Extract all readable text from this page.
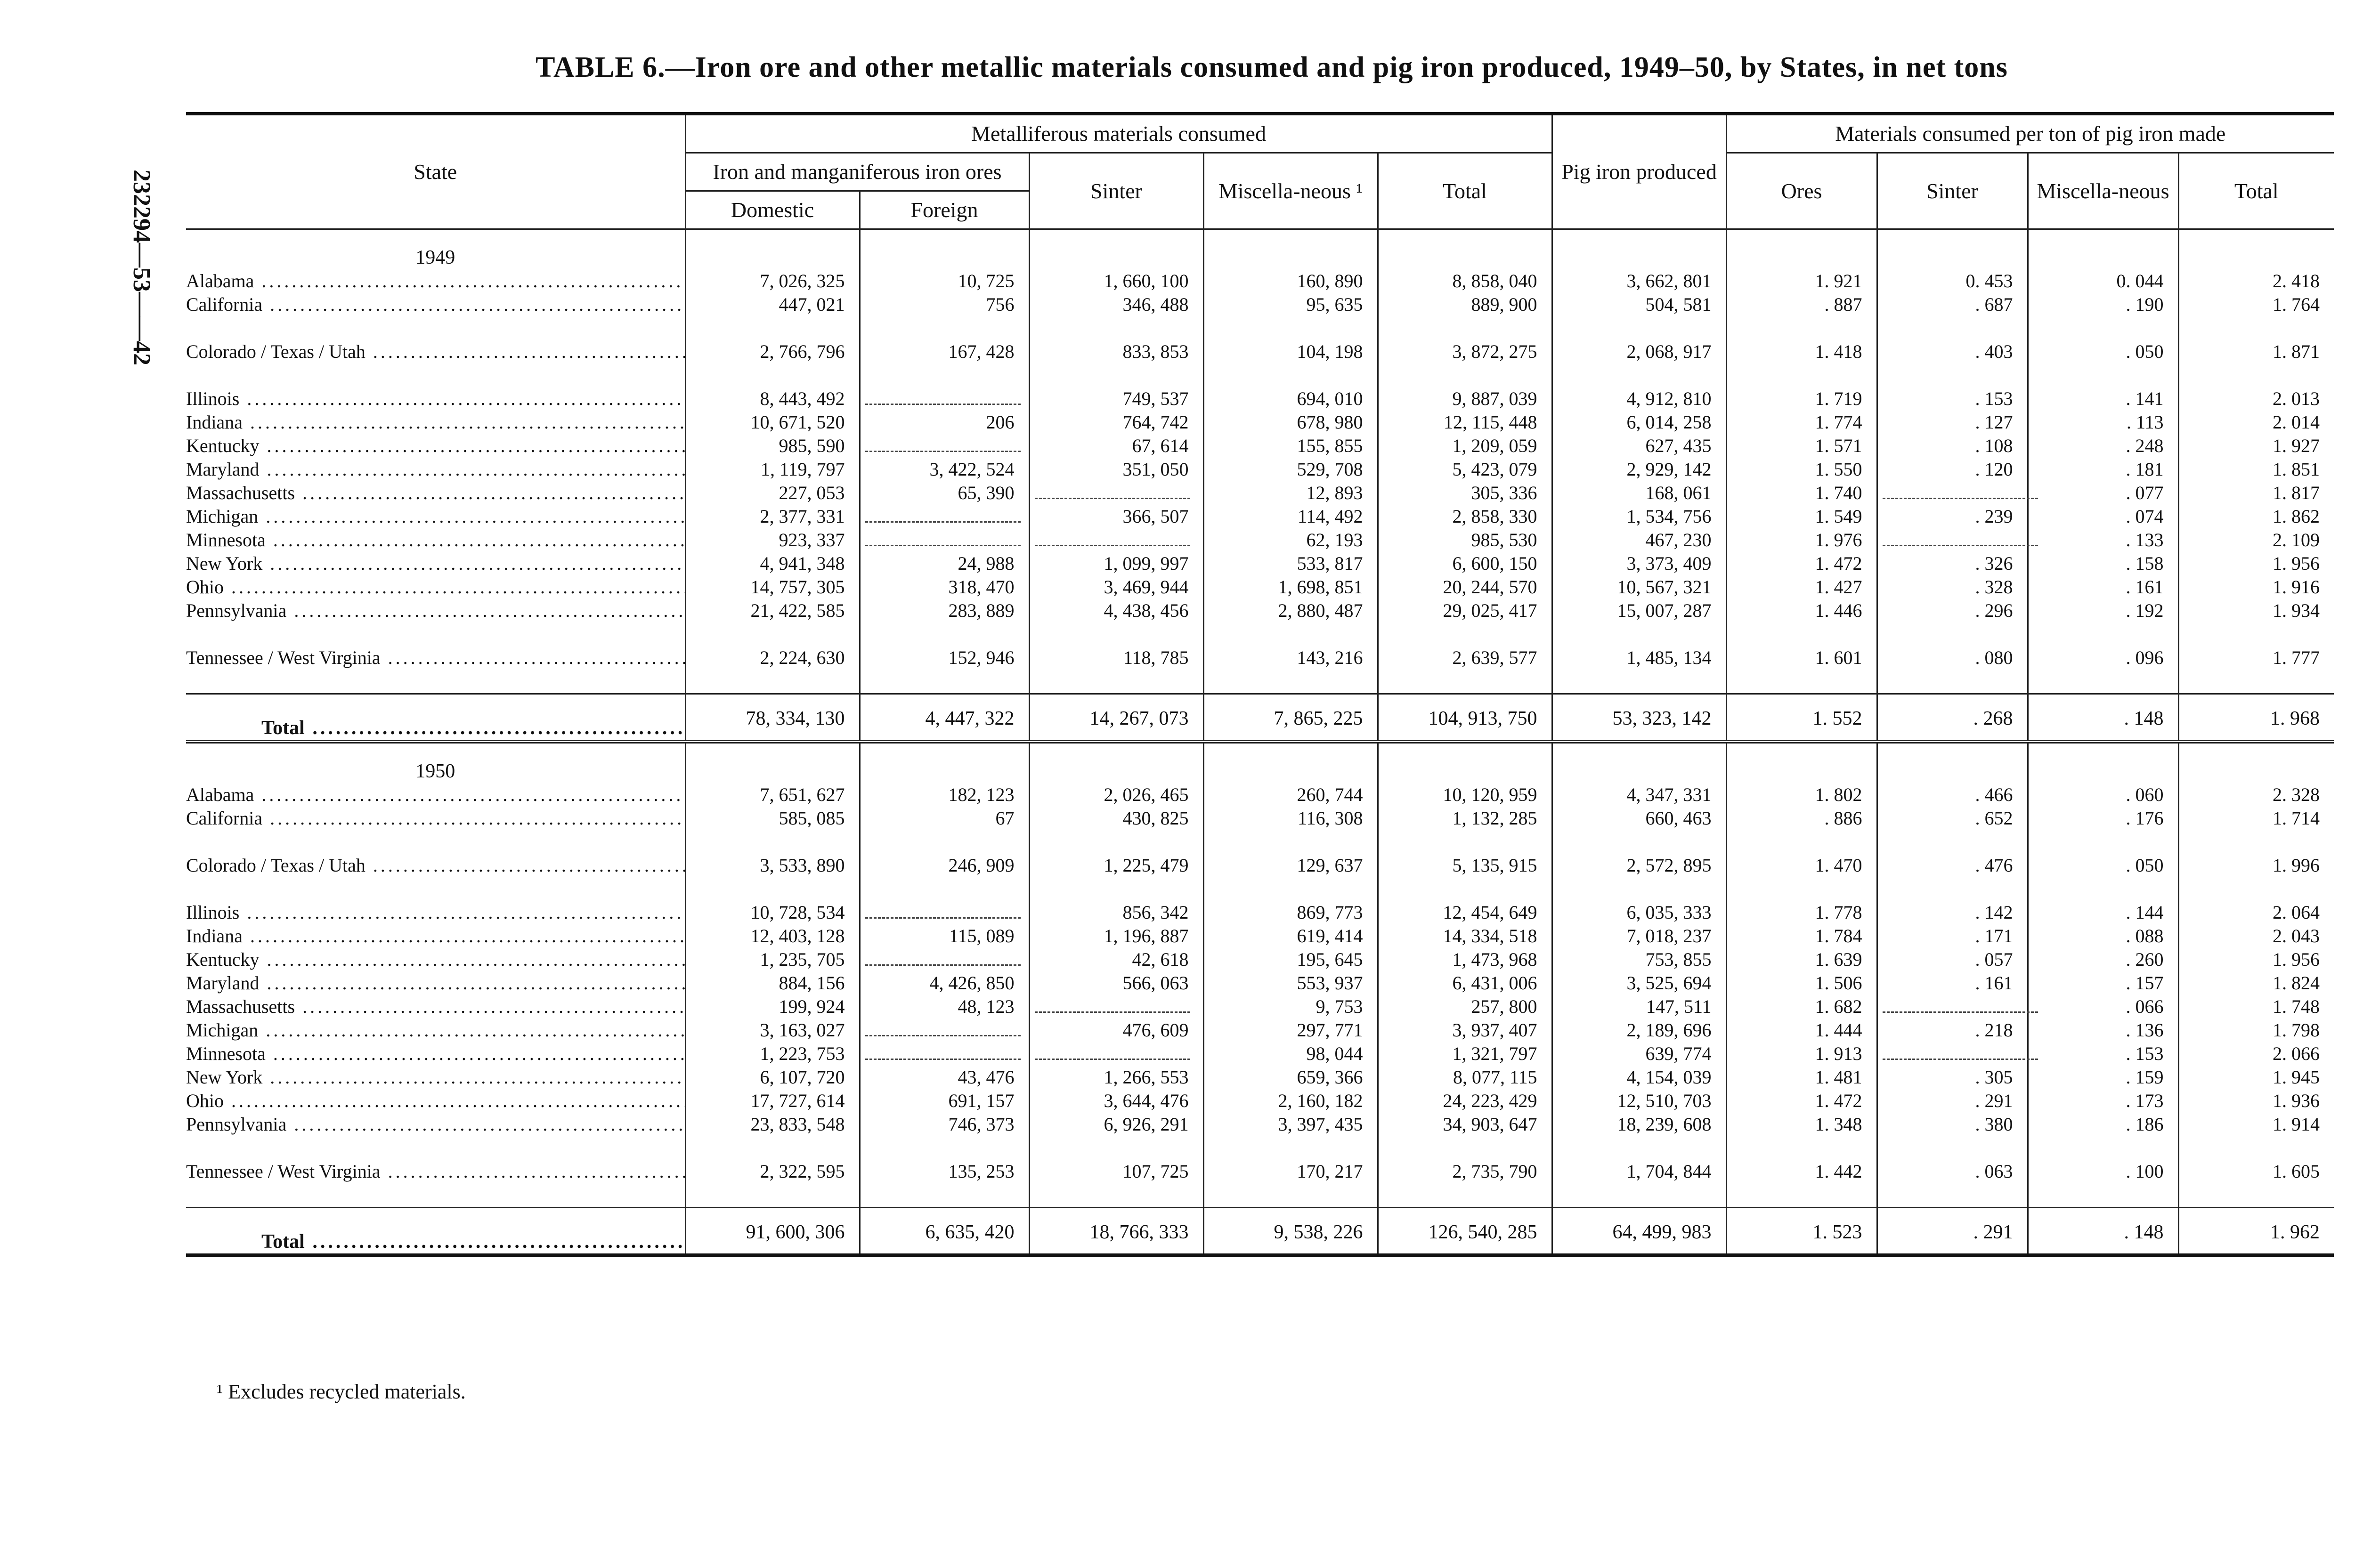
TABLE 6.—Iron ore and other metallic materials consumed and pig iron produced, 1949–50, by States, in net tons
232294—53——42	State	Metalliferous materials consumed					Pig iron produced	Materials consumed per ton of pig iron made			
	Iron and manganiferous iron ores		Sinter	Miscella-neous ¹	Total		Ores	Sinter	Miscella-neous	Total
	Domestic	Foreign								
1949										
Alabama .....	7, 026, 325	10, 725	1, 660, 100	160, 890	8, 858, 040	3, 662, 801	1. 921	0. 453	0. 044	2. 418
California .....	447, 021	756	346, 488	95, 635	889, 900	504, 581	. 887	. 687	. 190	1. 764
Colorado / Texas / Utah .....	2, 766, 796	167, 428	833, 853	104, 198	3, 872, 275	2, 068, 917	1. 418	. 403	. 050	1. 871
Illinois .....	8, 443, 492		749, 537	694, 010	9, 887, 039	4, 912, 810	1. 719	. 153	. 141	2. 013
Indiana .....	10, 671, 520	206	764, 742	678, 980	12, 115, 448	6, 014, 258	1. 774	. 127	. 113	2. 014
Kentucky .....	985, 590		67, 614	155, 855	1, 209, 059	627, 435	1. 571	. 108	. 248	1. 927
Maryland .....	1, 119, 797	3, 422, 524	351, 050	529, 708	5, 423, 079	2, 929, 142	1. 550	. 120	. 181	1. 851
Massachusetts .....	227, 053	65, 390		12, 893	305, 336	168, 061	1. 740		. 077	1. 817
Michigan .....	2, 377, 331		366, 507	114, 492	2, 858, 330	1, 534, 756	1. 549	. 239	. 074	1. 862
Minnesota .....	923, 337			62, 193	985, 530	467, 230	1. 976		. 133	2. 109
New York .....	4, 941, 348	24, 988	1, 099, 997	533, 817	6, 600, 150	3, 373, 409	1. 472	. 326	. 158	1. 956
Ohio .....	14, 757, 305	318, 470	3, 469, 944	1, 698, 851	20, 244, 570	10, 567, 321	1. 427	. 328	. 161	1. 916
Pennsylvania .....	21, 422, 585	283, 889	4, 438, 456	2, 880, 487	29, 025, 417	15, 007, 287	1. 446	. 296	. 192	1. 934
Tennessee / West Virginia .....	2, 224, 630	152, 946	118, 785	143, 216	2, 639, 577	1, 485, 134	1. 601	. 080	. 096	1. 777
Total .....	78, 334, 130	4, 447, 322	14, 267, 073	7, 865, 225	104, 913, 750	53, 323, 142	1. 552	. 268	. 148	1. 968
1950										
Alabama .....	7, 651, 627	182, 123	2, 026, 465	260, 744	10, 120, 959	4, 347, 331	1. 802	. 466	. 060	2. 328
California .....	585, 085	67	430, 825	116, 308	1, 132, 285	660, 463	. 886	. 652	. 176	1. 714
Colorado / Texas / Utah .....	3, 533, 890	246, 909	1, 225, 479	129, 637	5, 135, 915	2, 572, 895	1. 470	. 476	. 050	1. 996
Illinois .....	10, 728, 534		856, 342	869, 773	12, 454, 649	6, 035, 333	1. 778	. 142	. 144	2. 064
Indiana .....	12, 403, 128	115, 089	1, 196, 887	619, 414	14, 334, 518	7, 018, 237	1. 784	. 171	. 088	2. 043
Kentucky .....	1, 235, 705		42, 618	195, 645	1, 473, 968	753, 855	1. 639	. 057	. 260	1. 956
Maryland .....	884, 156	4, 426, 850	566, 063	553, 937	6, 431, 006	3, 525, 694	1. 506	. 161	. 157	1. 824
Massachusetts .....	199, 924	48, 123		9, 753	257, 800	147, 511	1. 682		. 066	1. 748
Michigan .....	3, 163, 027		476, 609	297, 771	3, 937, 407	2, 189, 696	1. 444	. 218	. 136	1. 798
Minnesota .....	1, 223, 753			98, 044	1, 321, 797	639, 774	1. 913		. 153	2. 066
New York .....	6, 107, 720	43, 476	1, 266, 553	659, 366	8, 077, 115	4, 154, 039	1. 481	. 305	. 159	1. 945
Ohio .....	17, 727, 614	691, 157	3, 644, 476	2, 160, 182	24, 223, 429	12, 510, 703	1. 472	. 291	. 173	1. 936
Pennsylvania .....	23, 833, 548	746, 373	6, 926, 291	3, 397, 435	34, 903, 647	18, 239, 608	1. 348	. 380	. 186	1. 914
Tennessee / West Virginia .....	2, 322, 595	135, 253	107, 725	170, 217	2, 735, 790	1, 704, 844	1. 442	. 063	. 100	1. 605
Total .....	91, 600, 306	6, 635, 420	18, 766, 333	9, 538, 226	126, 540, 285	64, 499, 983	1. 523	. 291	. 148	1. 962
¹ Excludes recycled materials.
